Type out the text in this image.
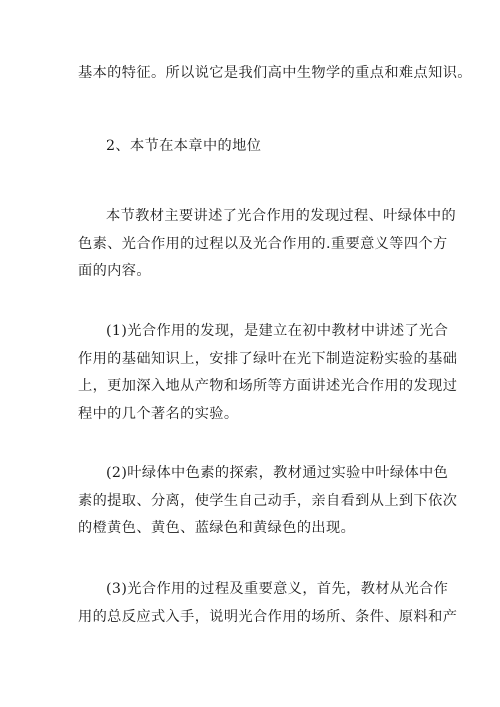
基本的特征。所以说它是我们高中生物学的重点和难点知识。

2、本节在本章中的地位

本节教材主要讲述了光合作用的发现过程、叶绿体中的
色素、光合作用的过程以及光合作用的.重要意义等四个方
面的内容。

(1)光合作用的发现，是建立在初中教材中讲述了光合
作用的基础知识上，安排了绿叶在光下制造淀粉实验的基础
上，更加深入地从产物和场所等方面讲述光合作用的发现过
程中的几个著名的实验。

(2)叶绿体中色素的探索，教材通过实验中叶绿体中色
素的提取、分离，使学生自己动手，亲自看到从上到下依次
的橙黄色、黄色、蓝绿色和黄绿色的出现。

(3)光合作用的过程及重要意义，首先，教材从光合作
用的总反应式入手，说明光合作用的场所、条件、原料和产
